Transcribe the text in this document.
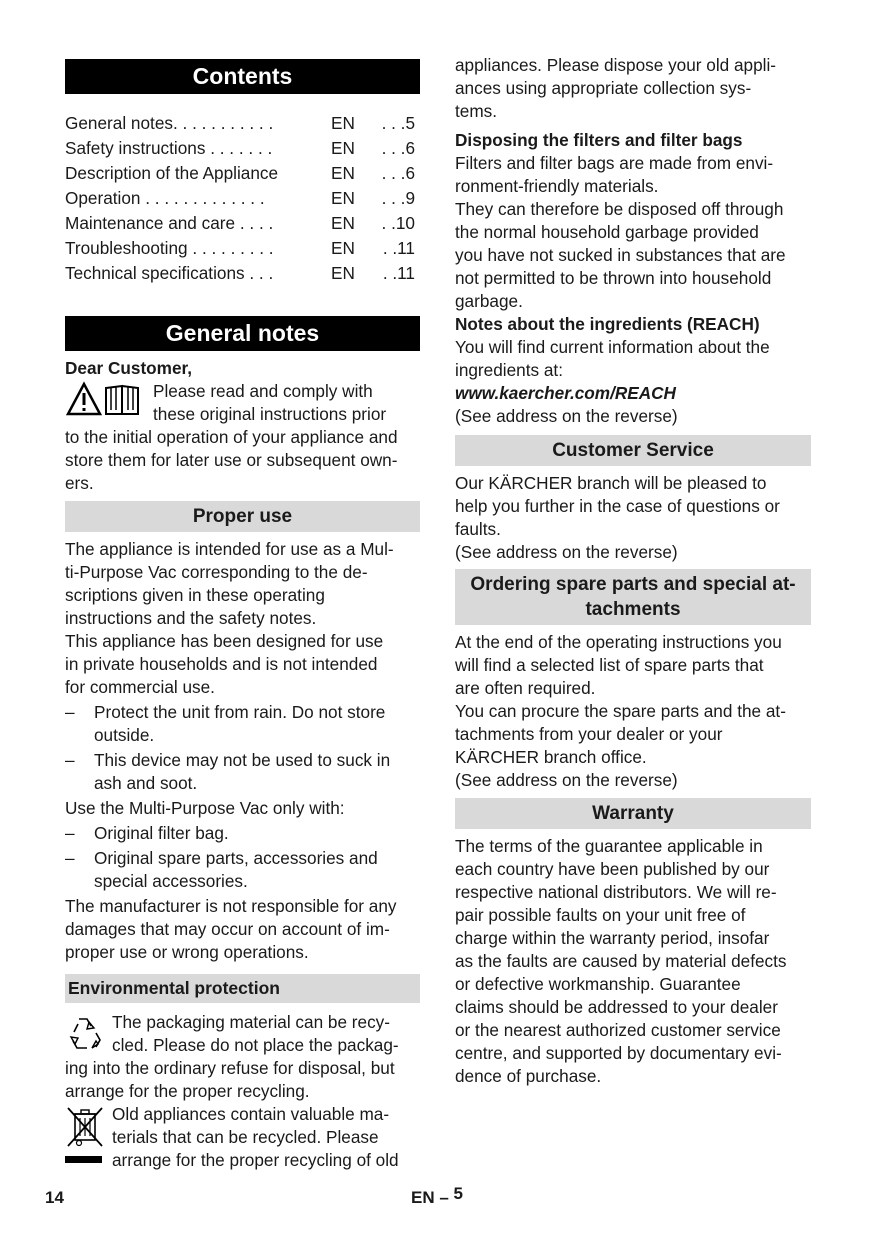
Contents
General notes. . . . . . . . . . .	EN	. . .5
Safety instructions . . . . . . .	EN	. . .6
Description of the Appliance	EN	. . .6
Operation . . . . . . . . . . . . .	EN	. . .9
Maintenance and care . . . .	EN	. .10
Troubleshooting . . . . . . . . .	EN	. .11
Technical specifications . . .	EN	. .11
General notes

Dear Customer,

Please read and comply with
these original instructions prior

to the initial operation of your appliance and
store them for later use or subsequent own-
ers.

Proper use

The appliance is intended for use as a Mul-
ti-Purpose Vac corresponding to the de-
scriptions given in these operating
instructions and the safety notes.
This appliance has been designed for use
in private households and is not intended
for commercial use.

–	Protect the unit from rain. Do not store
outside.
–	This device may not be used to suck in
ash and soot.

Use the Multi-Purpose Vac only with:

–	Original filter bag.
–	Original spare parts, accessories and
special accessories.

The manufacturer is not responsible for any
damages that may occur on account of im-
proper use or wrong operations.

Environmental protection

The packaging material can be recy-
cled. Please do not place the packag-

ing into the ordinary refuse for disposal, but
arrange for the proper recycling.

Old appliances contain valuable ma-
terials that can be recycled. Please
arrange for the proper recycling of old

appliances. Please dispose your old appli-
ances using appropriate collection sys-
tems.

Disposing the filters and filter bags

Filters and filter bags are made from envi-
ronment-friendly materials.
They can therefore be disposed off through
the normal household garbage provided
you have not sucked in substances that are
not permitted to be thrown into household
garbage.

Notes about the ingredients (REACH)

You will find current information about the
ingredients at:

www.kaercher.com/REACH

(See address on the reverse)

Customer Service

Our KÄRCHER branch will be pleased to
help you further in the case of questions or
faults.
(See address on the reverse)

Ordering spare parts and special at-
tachments

At the end of the operating instructions you
will find a selected list of spare parts that
are often required.
You can procure the spare parts and the at-
tachments from your dealer or your
KÄRCHER branch office.
(See address on the reverse)

Warranty

The terms of the guarantee applicable in
each country have been published by our
respective national distributors. We will re-
pair possible faults on your unit free of
charge within the warranty period, insofar
as the faults are caused by material defects
or defective workmanship. Guarantee
claims should be addressed to your dealer
or the nearest authorized customer service
centre, and supported by documentary evi-
dence of purchase.

14	EN – 5
